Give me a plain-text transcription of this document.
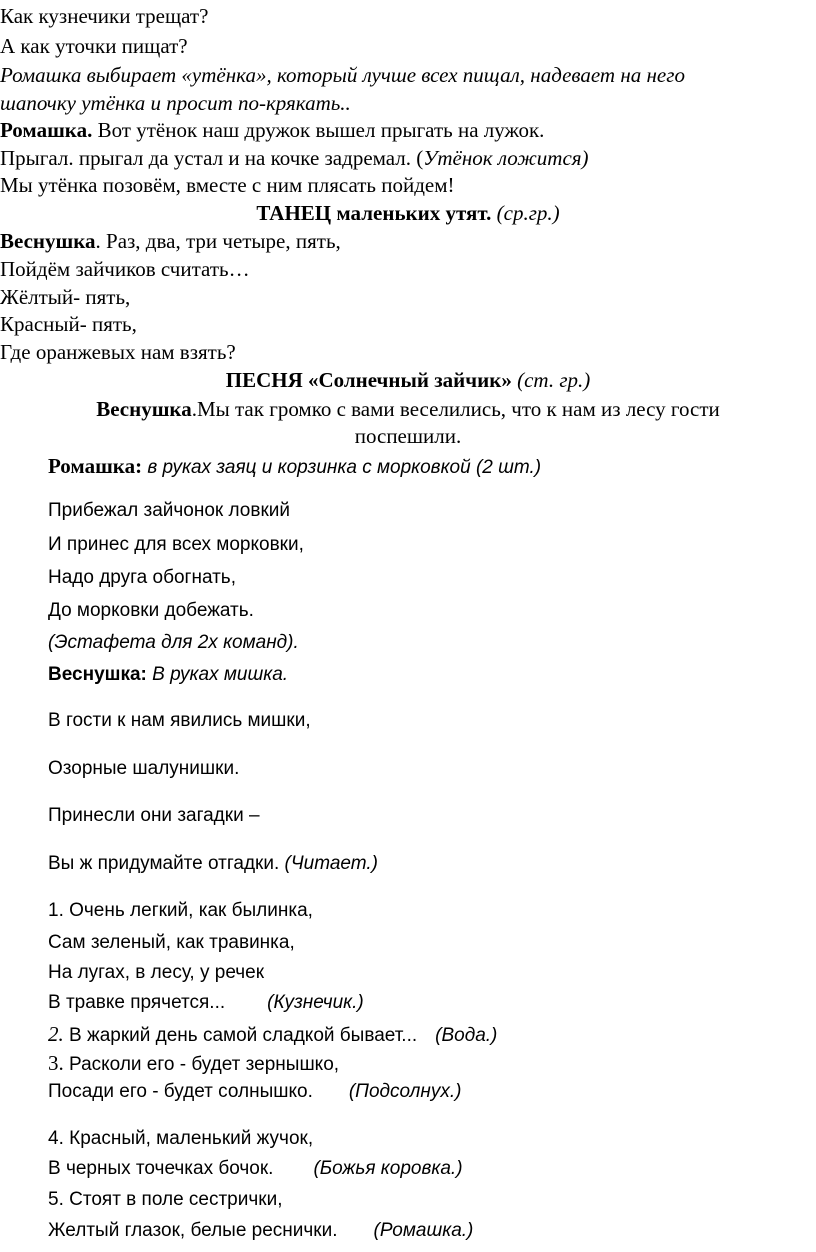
Как кузнечики трещат?
А как уточки пищат?
Ромашка выбирает «утёнка», который лучше всех пищал, надевает на него
шапочку утёнка и просит по-крякать..
Ромашка. Вот утёнок наш дружок вышел прыгать на лужок.
Прыгал. прыгал да устал и на кочке задремал. (Утёнок ложится)
Мы утёнка позовём, вместе с ним плясать пойдем!
ТАНЕЦ маленьких утят. (ср.гр.)
Веснушка. Раз, два, три четыре, пять,
Пойдём зайчиков считать…
Жёлтый- пять,
Красный- пять,
Где оранжевых нам взять?
ПЕСНЯ «Солнечный зайчик» (ст. гр.)
Веснушка.Мы так громко с вами веселились, что к нам из лесу гости
поспешили.
Ромашка: в руках заяц и корзинка с морковкой (2 шт.)
Прибежал зайчонок ловкий
И принес для всех морковки,
Надо друга обогнать,
До морковки добежать.
(Эстафета для 2х команд).
Веснушка: В руках мишка.
В гости к нам явились мишки,
Озорные шалунишки.
Принесли они загадки –
Вы ж придумайте отгадки. (Читает.)
1. Очень легкий, как былинка,
Сам зеленый, как травинка,
На лугах, в лесу, у речек
В травке прячется... (Кузнечик.)
2. В жаркий день самой сладкой бывает... (Вода.)
3. Расколи его - будет зернышко,
Посади его - будет солнышко. (Подсолнух.)
4. Красный, маленький жучок,
В черных точечках бочок. (Божья коровка.)
5. Стоят в поле сестрички,
Желтый глазок, белые реснички. (Ромашка.)
